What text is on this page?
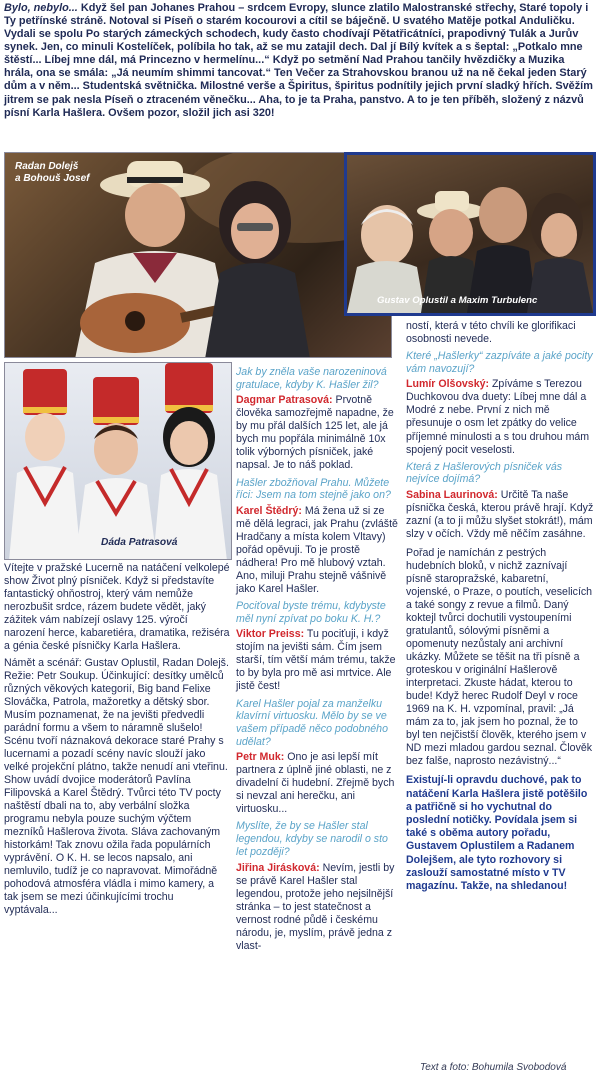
Bylo, nebylo... Když šel pan Johanes Prahou – srdcem Evropy, slunce zlatilo Malostranské střechy, Staré topoly i Ty petřínské stráně. Notoval si Píseň o starém kocourovi a cítil se báječně. U svatého Matěje potkal Anduličku. Vydali se spolu Po starých zámeckých schodech, kudy často chodívají Pětatřicátníci, prapodivný Tulák a Jurův synek. Jen, co minuli Kostelíček, políbila ho tak, až se mu zatajil dech. Dal jí Bílý kvítek a s šeptal: „Potkalo mne štěstí... Líbej mne dál, má Princezno v hermelínu...“ Když po setmění Nad Prahou tančily hvězdičky a Muzika hrála, ona se smála: „Já neumím shimmi tancovat.“ Ten Večer za Strahovskou branou už na ně čekal jeden Starý dům a v něm... Studentská světnička. Milostné verše a Špiritus, špiritus podnítily jejich první sladký hřích. Svěžím jitrem se pak nesla Píseň o ztraceném věnečku... Aha, to je ta Praha, panstvo. A to je ten příběh, složený z názvů písní Karla Hašlera. Ovšem pozor, složil jich asi 320!
Radan Dolejš
a Bohouš Josef
Gustav Oplustil a Maxim Turbulenc
Dáda Patrasová

Vítejte v pražské Lucerně na natáčení velkolepé show Život plný písniček. Když si představíte fantastický ohňostroj, který vám nemůže nerozbušit srdce, rázem budete vědět, jaký zážitek vám nabízejí oslavy 125. výročí narození herce, kabaretiéra, dramatika, režiséra a génia české písničky Karla Hašlera.

Námět a scénář: Gustav Oplustil, Radan Dolejš. Režie: Petr Soukup. Účinkující: desítky umělců různých věkových kategorií, Big band Felixe Slováčka, Patrola, mažoretky a dětský sbor. Musím poznamenat, že na jevišti předvedli parádní formu a všem to náramně slušelo! Scénu tvoří náznaková dekorace staré Prahy s lucernami a pozadí scény navíc slouží jako velké projekční plátno, takže nenudí ani vteřinu. Show uvádí dvojice moderátorů Pavlína Filipovská a Karel Štědrý. Tvůrci této TV pocty naštěstí dbali na to, aby verbální složka programu nebyla pouze suchým výčtem mezníků Hašlerova života. Sláva zachovaným historkám! Tak znovu ožila řada populárních vyprávění. O K. H. se lecos napsalo, ani nemluvilo, tudíž je co napravovat. Mimořádně pohodová atmosféra vládla i mimo kamery, a tak jsem se mezi účinkujícími trochu vyptávala...

Jak by zněla vaše narozeninová gratulace, kdyby K. Hašler žil?

Dagmar Patrasová: Prvotně člověka samozřejmě napadne, že by mu přál dalších 125 let, ale já bych mu popřála minimálně 10x tolik výborných písniček, jaké napsal. Je to náš poklad.

Hašler zbožňoval Prahu. Můžete říci: Jsem na tom stejně jako on?

Karel Štědrý: Má žena už si ze mě dělá legraci, jak Prahu (zvláště Hradčany a místa kolem Vltavy) pořád opěvuji. To je prostě nádhera! Pro mě hlubový vztah. Ano, miluji Prahu stejně vášnivě jako Karel Hašler.

Pociťoval byste trému, kdybyste měl nyní zpívat po boku K. H.?

Viktor Preiss: Tu pociťuji, i když stojím na jevišti sám. Čím jsem starší, tím větší mám trému, takže to by byla pro mě asi mrtvice. Ale jistě čest!

Karel Hašler pojal za manželku klavírní virtuosku. Mělo by se ve vašem případě něco podobného udělat?

Petr Muk: Ono je asi lepší mít partnera z úplně jiné oblasti, ne z divadelní či hudební. Zřejmě bych si nevzal ani herečku, ani virtuosku...

Myslíte, že by se Hašler stal legendou, kdyby se narodil o sto let později?

Jiřina Jirásková: Nevím, jestli by se právě Karel Hašler stal legendou, protože jeho nejsilnější stránka – to jest statečnost a vernost rodné půdě i českému národu, je, myslím, právě jedna z vlast-

ností, která v této chvíli ke glorifikaci osobnosti nevede.

Které „Hašlerky“ zazpíváte a jaké pocity vám navozují?

Lumír Olšovský: Zpíváme s Terezou Duchkovou dva duety: Líbej mne dál a Modré z nebe. První z nich mě přesunuje o osm let zpátky do velice příjemné minulosti a s tou druhou mám spojený pocit veselosti.

Která z Hašlerových písniček vás nejvíce dojímá?

Sabina Laurinová: Určitě Ta naše písnička česká, kterou právě hrají. Když zazní (a to ji můžu slyšet stokrát!), mám slzy v očích. Vždy mě něčím zasáhne.

Pořad je namíchán z pestrých hudebních bloků, v nichž zaznívají písně staropražské, kabaretní, vojenské, o Praze, o poutích, veselicích a také songy z revue a filmů. Daný koktejl tvůrci dochutili vystoupeními gratulantů, sólovými písněmi a opomenuty nezůstaly ani archivní ukázky. Můžete se těšit na tři písně a groteskou v originální Hašlerově interpretaci. Zkuste hádat, kterou to bude! Když herec Rudolf Deyl v roce 1969 na K. H. vzpomínal, pravil: „Já mám za to, jak jsem ho poznal, že to byl ten nejčistší člověk, kterého jsem v ND mezi mladou gardou seznal. Člověk bez falše, naprosto nezávistný...“

Existují-li opravdu duchové, pak to natáčení Karla Hašlera jistě potěšilo a patřičně si ho vychutnal do poslední notičky. Povídala jsem si také s oběma autory pořadu, Gustavem Oplustilem a Radanem Dolejšem, ale tyto rozhovory si zaslouží samostatné místo v TV magazínu. Takže, na shledanou!

Text a foto: Bohumila Svobodová
